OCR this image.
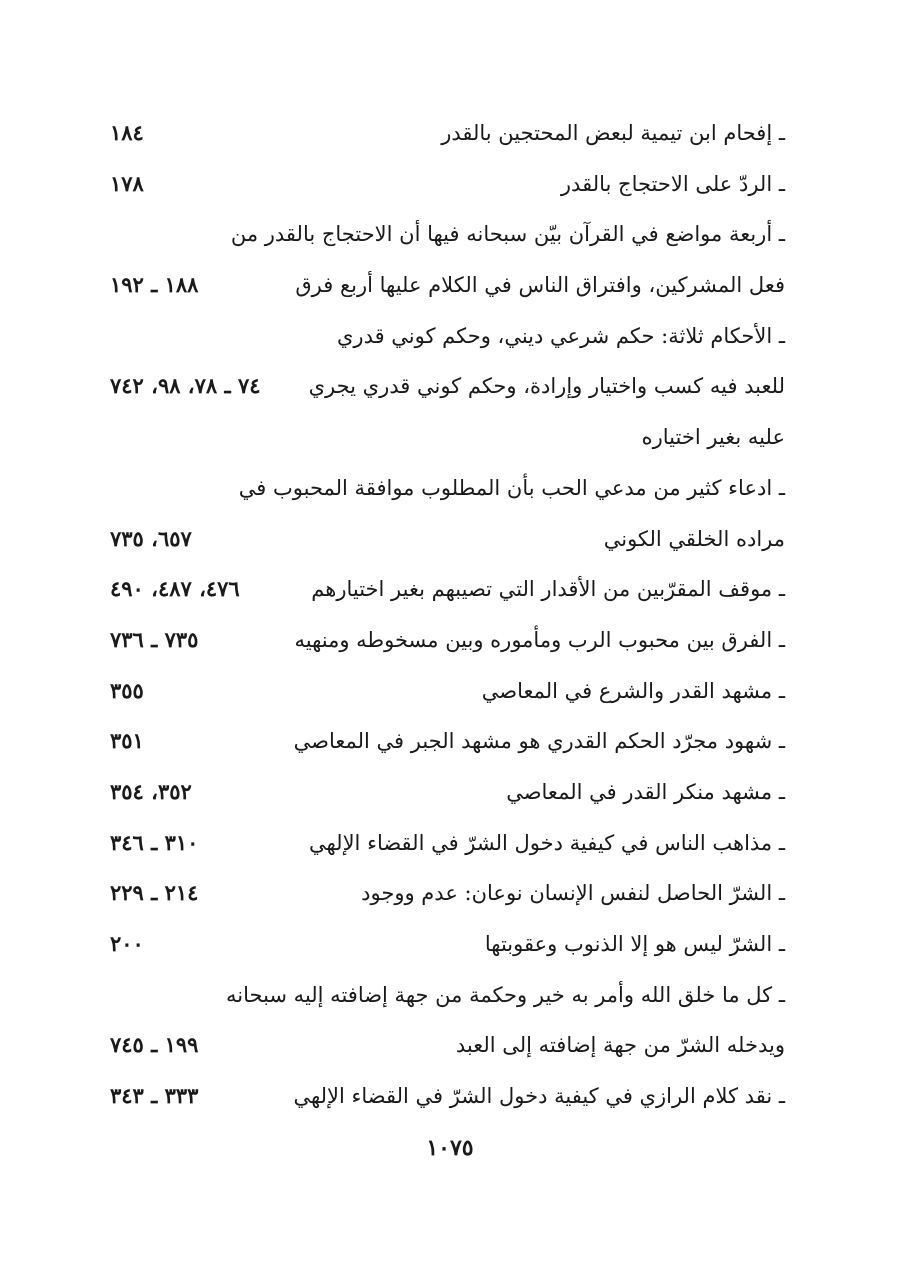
ـ إفحام ابن تيمية لبعض المحتجين بالقدر
١٨٤
ـ الردّ على الاحتجاج بالقدر
١٧٨
ـ أربعة مواضع في القرآن بيّن سبحانه فيها أن الاحتجاج بالقدر من
فعل المشركين، وافتراق الناس في الكلام عليها أربع فرق
١٨٨ ـ ١٩٢
ـ الأحكام ثلاثة: حكم شرعي ديني، وحكم كوني قدري
للعبد فيه كسب واختيار وإرادة، وحكم كوني قدري يجري
٧٤ ـ ٧٨، ٩٨، ٧٤٢
عليه بغير اختياره
ـ ادعاء كثير من مدعي الحب بأن المطلوب موافقة المحبوب في
مراده الخلقي الكوني
٦٥٧، ٧٣٥
ـ موقف المقرّبين من الأقدار التي تصيبهم بغير اختيارهم
٤٧٦، ٤٨٧، ٤٩٠
ـ الفرق بين محبوب الرب ومأموره وبين مسخوطه ومنهيه
٧٣٥ ـ ٧٣٦
ـ مشهد القدر والشرع في المعاصي
٣٥٥
ـ شهود مجرّد الحكم القدري هو مشهد الجبر في المعاصي
٣٥١
ـ مشهد منكر القدر في المعاصي
٣٥٢، ٣٥٤
ـ مذاهب الناس في كيفية دخول الشرّ في القضاء الإلهي
٣١٠ ـ ٣٤٦
ـ الشرّ الحاصل لنفس الإنسان نوعان: عدم ووجود
٢١٤ ـ ٢٢٩
ـ الشرّ ليس هو إلا الذنوب وعقوبتها
٢٠٠
ـ كل ما خلق الله وأمر به خير وحكمة من جهة إضافته إليه سبحانه
ويدخله الشرّ من جهة إضافته إلى العبد
١٩٩ ـ ٧٤٥
ـ نقد كلام الرازي في كيفية دخول الشرّ في القضاء الإلهي
٣٣٣ ـ ٣٤٣
١٠٧٥
